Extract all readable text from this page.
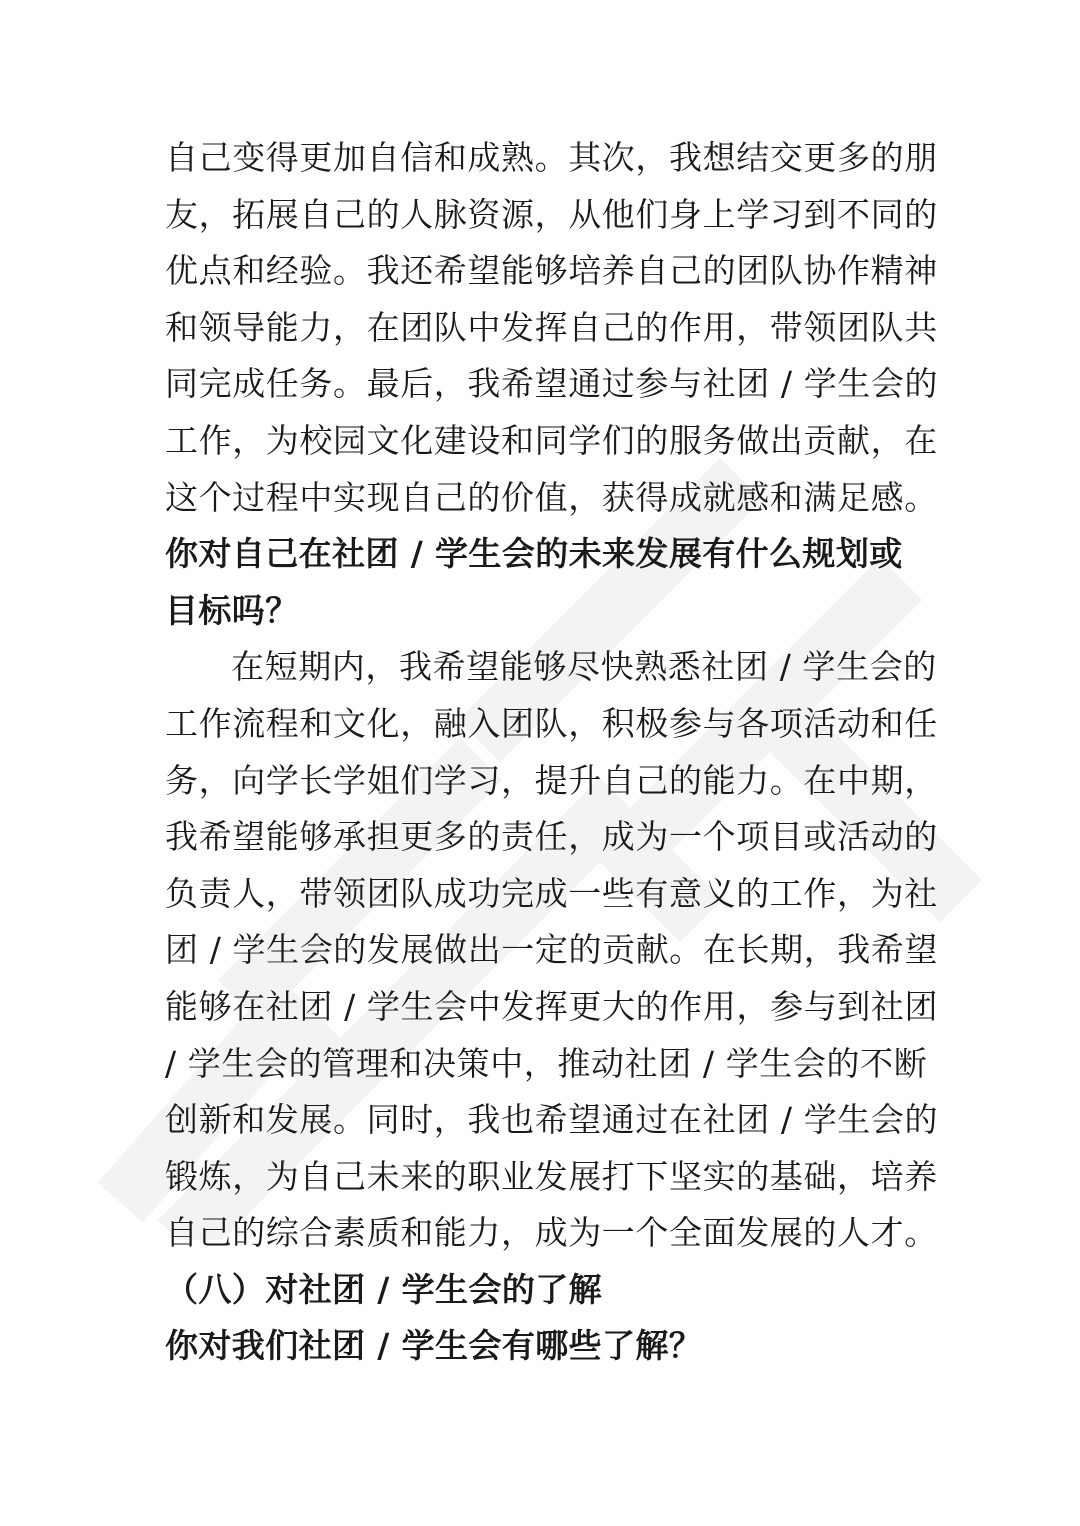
自己变得更加自信和成熟。其次，我想结交更多的朋
友，拓展自己的人脉资源，从他们身上学习到不同的
优点和经验。我还希望能够培养自己的团队协作精神
和领导能力，在团队中发挥自己的作用，带领团队共
同完成任务。最后，我希望通过参与社团 / 学生会的
工作，为校园文化建设和同学们的服务做出贡献，在
这个过程中实现自己的价值，获得成就感和满足感。
你对自己在社团 / 学生会的未来发展有什么规划或
目标吗？
在短期内，我希望能够尽快熟悉社团 / 学生会的
工作流程和文化，融入团队，积极参与各项活动和任
务，向学长学姐们学习，提升自己的能力。在中期，
我希望能够承担更多的责任，成为一个项目或活动的
负责人，带领团队成功完成一些有意义的工作，为社
团 / 学生会的发展做出一定的贡献。在长期，我希望
能够在社团 / 学生会中发挥更大的作用，参与到社团
/ 学生会的管理和决策中，推动社团 / 学生会的不断
创新和发展。同时，我也希望通过在社团 / 学生会的
锻炼，为自己未来的职业发展打下坚实的基础，培养
自己的综合素质和能力，成为一个全面发展的人才。
（八）对社团 / 学生会的了解
你对我们社团 / 学生会有哪些了解？
